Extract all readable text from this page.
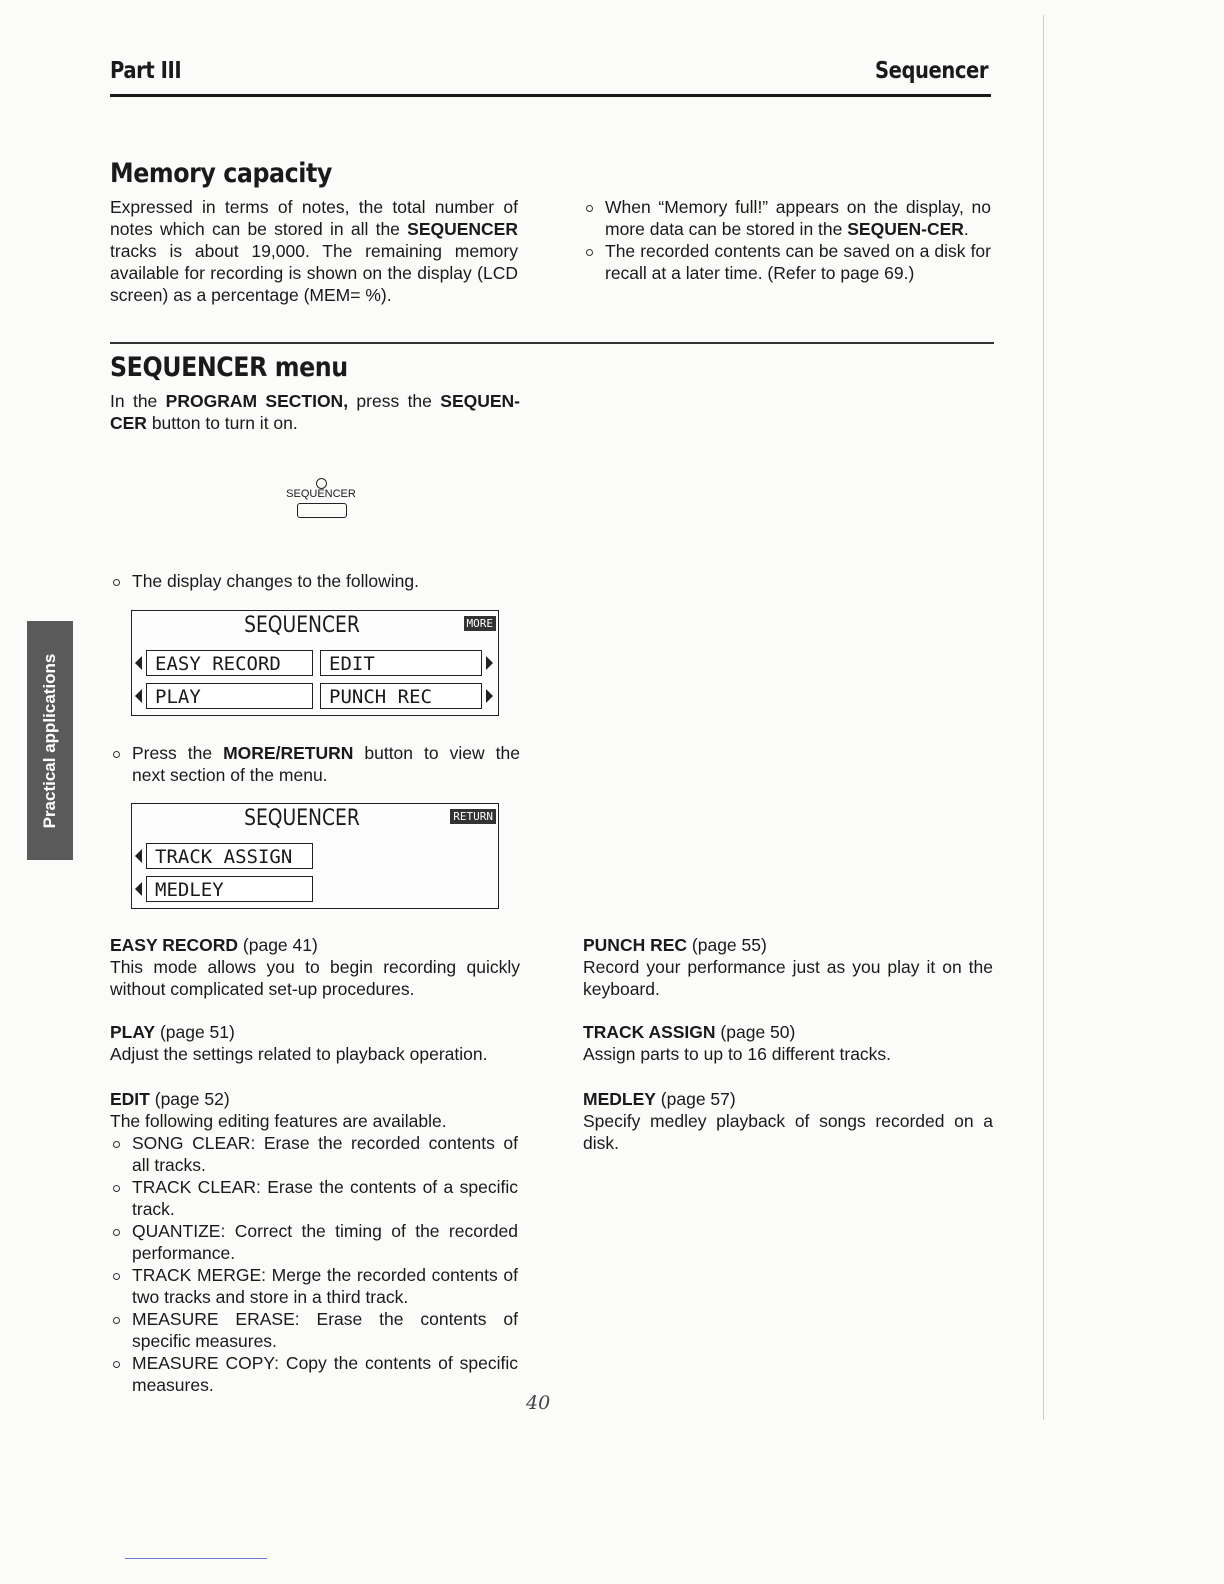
Part III	Sequencer
Practical applications
Memory capacity
Expressed in terms of notes, the total number of notes which can be stored in all the SEQUENCER tracks is about 19,000. The remaining memory available for recording is shown on the display (LCD screen) as a percentage (MEM= %).
When “Memory full!” appears on the display, no more data can be stored in the SEQUEN-CER.
The recorded contents can be saved on a disk for recall at a later time. (Refer to page 69.)
SEQUENCER menu
In the PROGRAM SECTION, press the SEQUEN-CER button to turn it on.
SEQUENCER
The display changes to the following.
SEQUENCER	MORE
EASY RECORD	EDIT
PLAY	PUNCH REC
Press the MORE/RETURN button to view the next section of the menu.
SEQUENCER	RETURN
TRACK ASSIGN
MEDLEY
EASY RECORD (page 41)
This mode allows you to begin recording quickly without complicated set-up procedures.
PLAY (page 51)
Adjust the settings related to playback operation.
EDIT (page 52)
The following editing features are available.
SONG CLEAR: Erase the recorded contents of all tracks.
TRACK CLEAR: Erase the contents of a specific track.
QUANTIZE: Correct the timing of the recorded performance.
TRACK MERGE: Merge the recorded contents of two tracks and store in a third track.
MEASURE ERASE: Erase the contents of specific measures.
MEASURE COPY: Copy the contents of specific measures.
PUNCH REC (page 55)
Record your performance just as you play it on the keyboard.
TRACK ASSIGN (page 50)
Assign parts to up to 16 different tracks.
MEDLEY (page 57)
Specify medley playback of songs recorded on a disk.
40
